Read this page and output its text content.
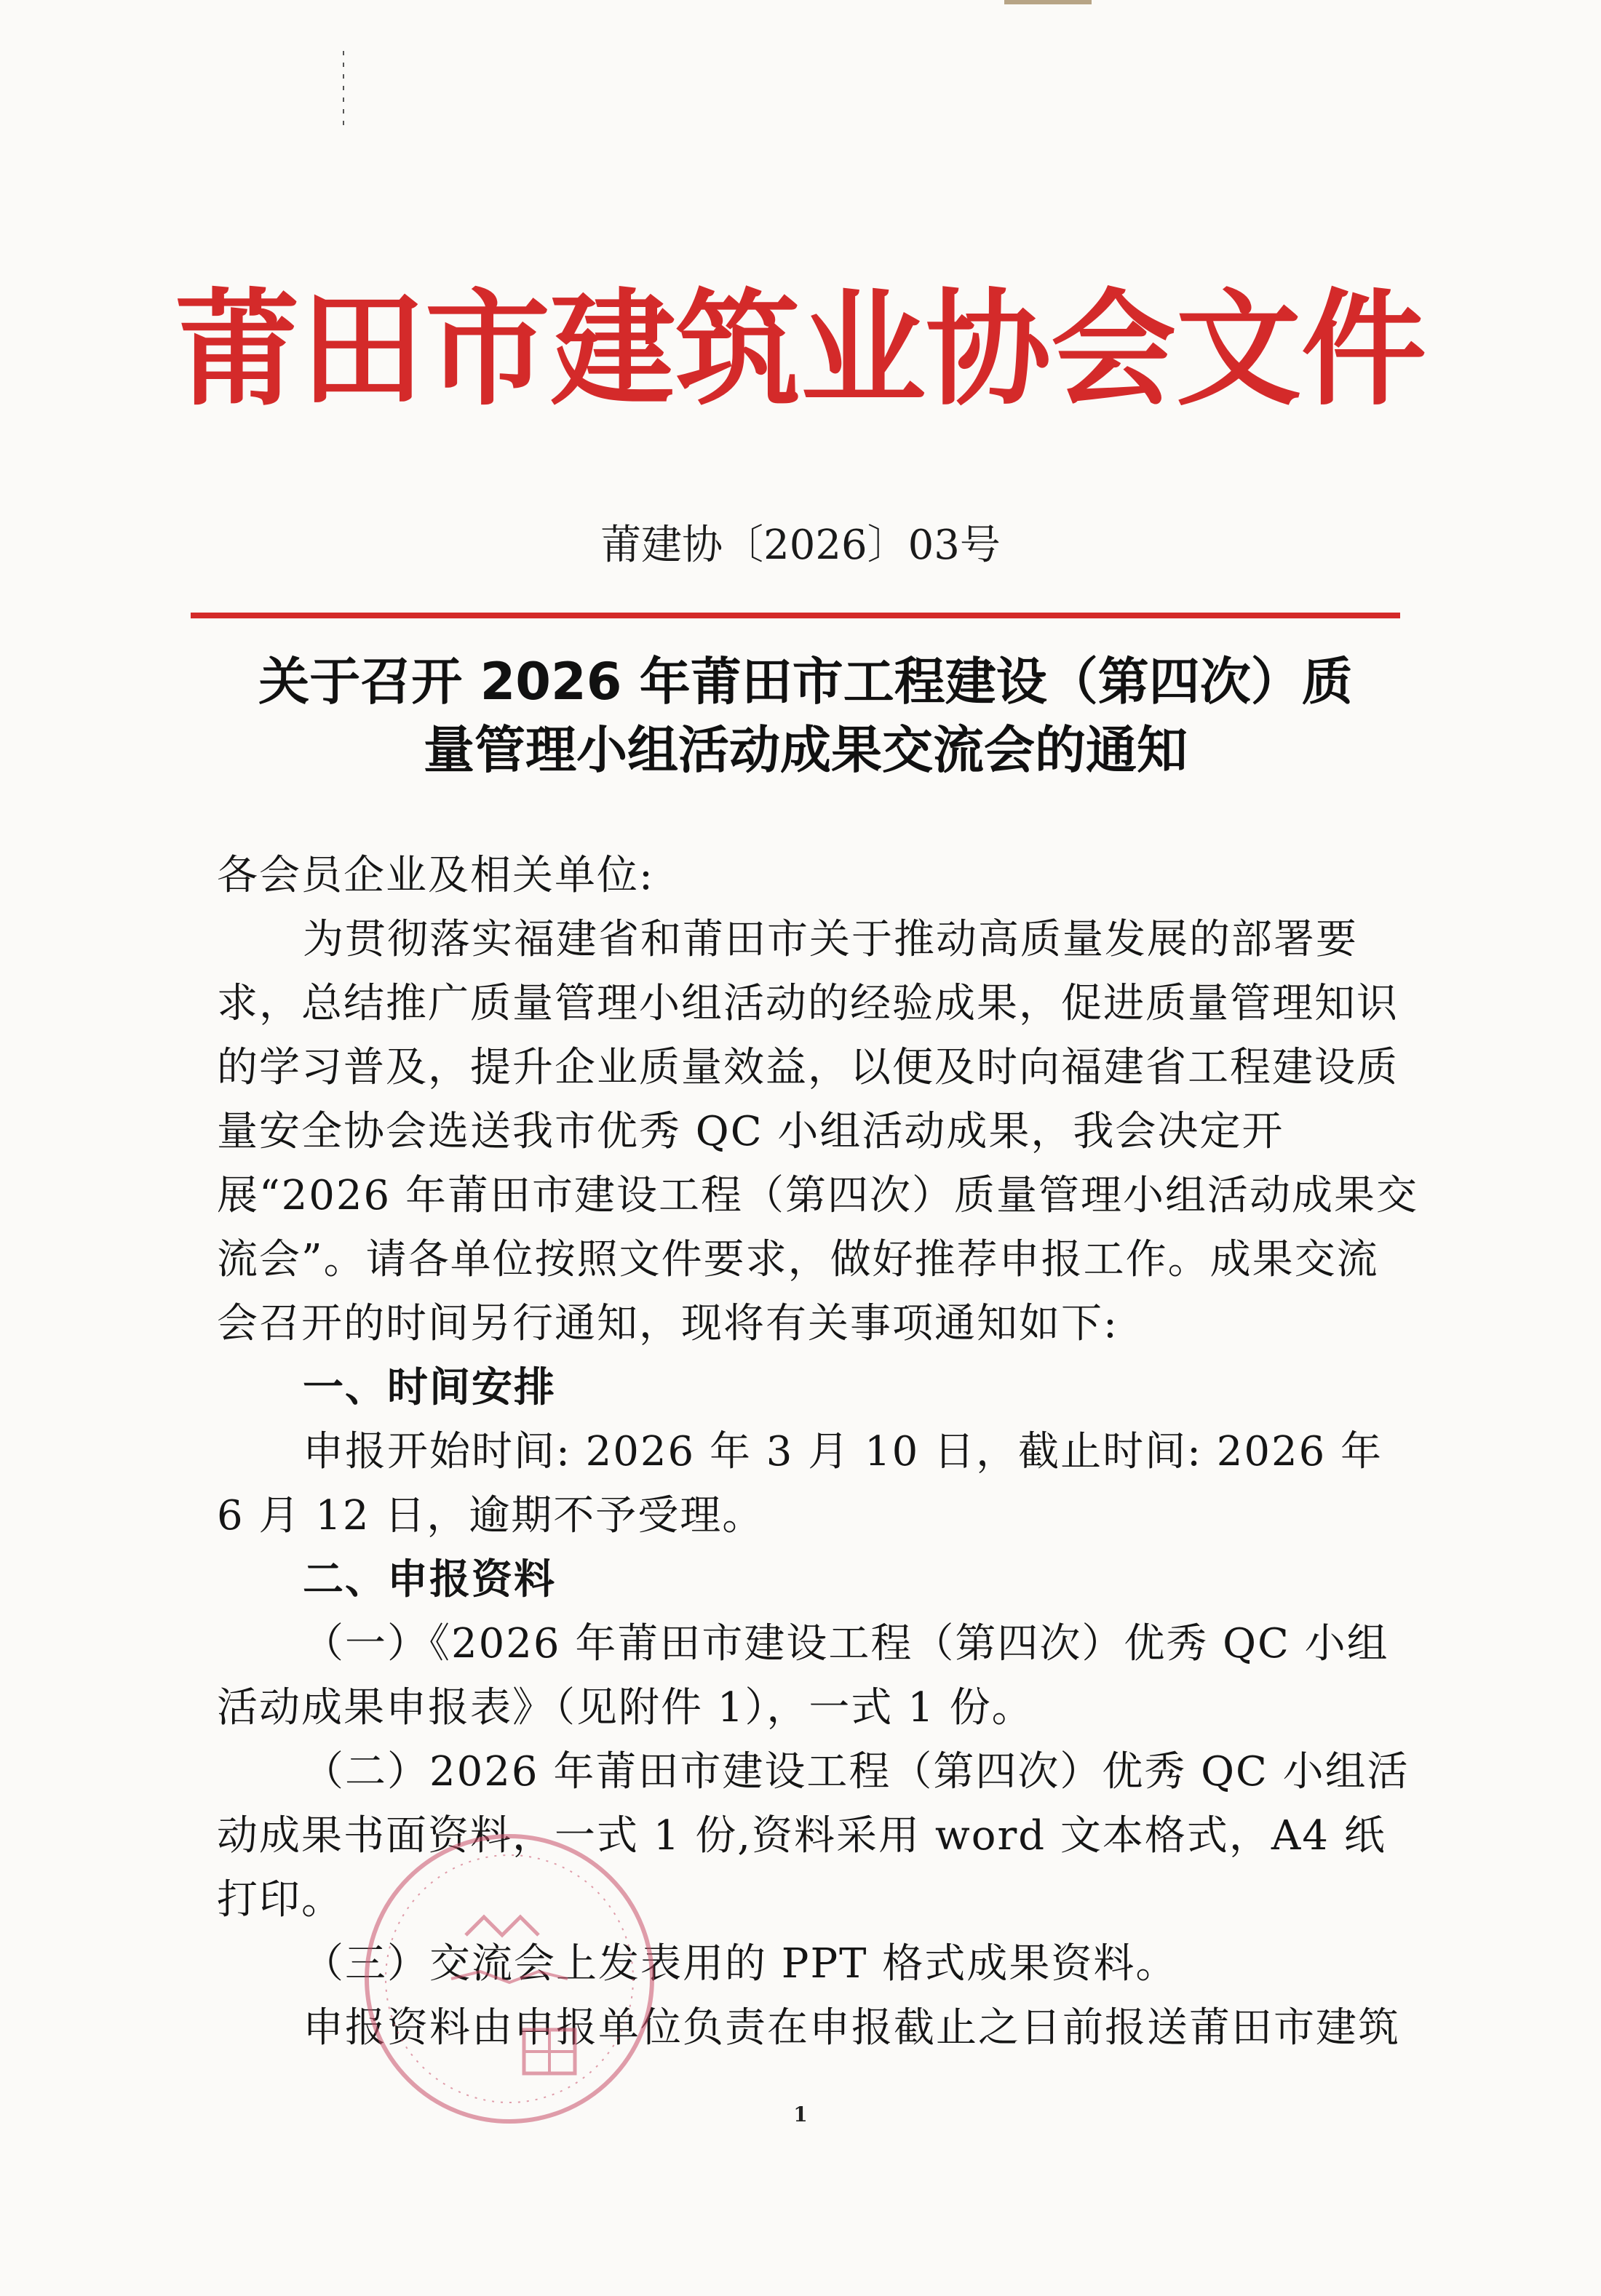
莆田市建筑业协会文件
莆建协〔2026〕03号
关于召开 2026 年莆田市工程建设（第四次）质
量管理小组活动成果交流会的通知

各会员企业及相关单位:

为贯彻落实福建省和莆田市关于推动高质量发展的部署要求，总结推广质量管理小组活动的经验成果，促进质量管理知识的学习普及，提升企业质量效益，以便及时向福建省工程建设质量安全协会选送我市优秀 QC 小组活动成果，我会决定开展“2026 年莆田市建设工程（第四次）质量管理小组活动成果交流会”。请各单位按照文件要求，做好推荐申报工作。成果交流会召开的时间另行通知，现将有关事项通知如下:

一、时间安排

申报开始时间: 2026 年 3 月 10 日，截止时间: 2026 年 6 月 12 日，逾期不予受理。

二、申报资料

（一）《2026 年莆田市建设工程（第四次）优秀 QC 小组活动成果申报表》（见附件 1），一式 1 份。

（二）2026 年莆田市建设工程（第四次）优秀 QC 小组活动成果书面资料，一式 1 份,资料采用 word 文本格式，A4 纸打印。

（三）交流会上发表用的 PPT 格式成果资料。

申报资料由申报单位负责在申报截止之日前报送莆田市建筑

1
